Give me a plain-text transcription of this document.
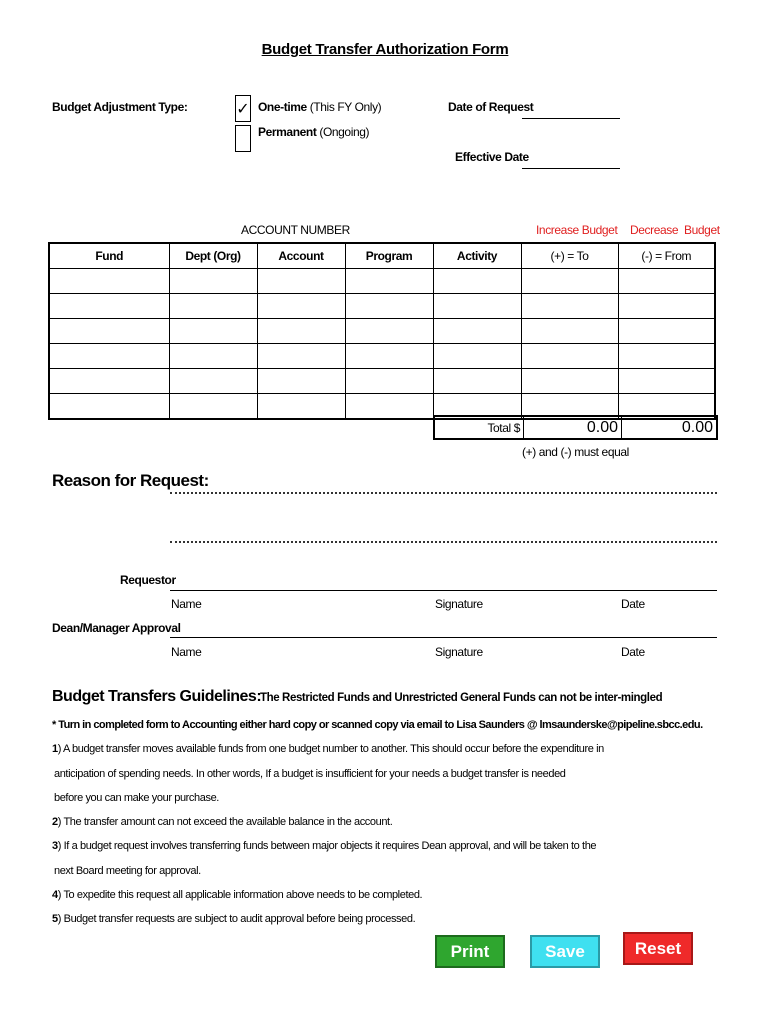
Budget Transfer Authorization Form
Budget Adjustment Type:	✓ One-time (This FY Only)
Permanent (Ongoing)
Date of Request
Effective Date
ACCOUNT NUMBER	Increase Budget Decrease  Budget
Fund	Dept (Org)	Account	Program	Activity	(+) = To	(-) = From

Total $	0.00	0.00
(+) and (-) must equal
Reason for Request:
Requestor
Name	Signature	Date
Dean/Manager Approval
Name	Signature	Date
Budget Transfers Guidelines:
The Restricted Funds and Unrestricted General Funds can not be inter-mingled
* Turn in completed form to Accounting either hard copy or scanned copy via email to Lisa Saunders @ lmsaunderske@pipeline.sbcc.edu.
1) A budget transfer moves available funds from one budget number to another. This should occur before the expenditure in
anticipation of spending needs. In other words, If a budget is insufficient for your needs a budget transfer is needed
before you can make your purchase.
2) The transfer amount can not exceed the available balance in the account.
3) If a budget request involves transferring funds between major objects it requires Dean approval, and will be taken to the
next Board meeting for approval.
4) To expedite this request all applicable information above needs to be completed.
5) Budget transfer requests are subject to audit approval before being processed.
Print	Save	Reset
